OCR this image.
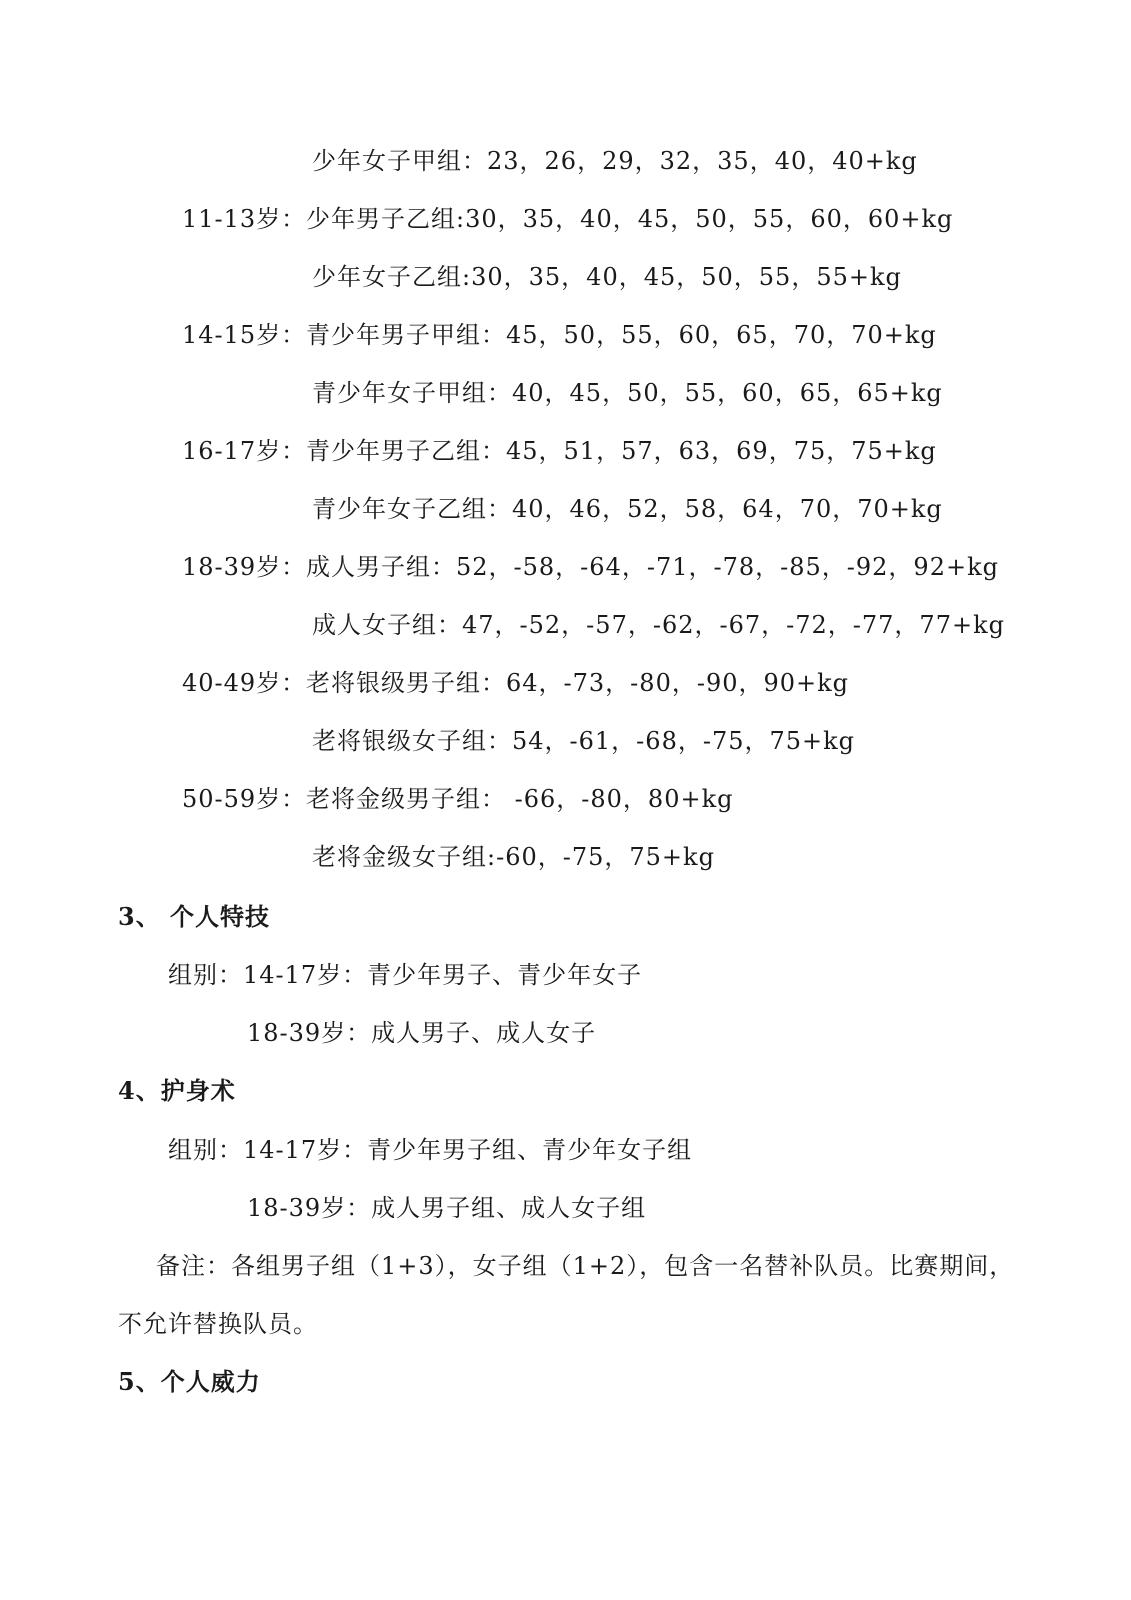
少年女子甲组：23，26，29，32，35，40，40+kg
11-13岁：少年男子乙组:30，35，40，45，50，55，60，60+kg
少年女子乙组:30，35，40，45，50，55，55+kg
14-15岁：青少年男子甲组：45，50，55，60，65，70，70+kg
青少年女子甲组：40，45，50，55，60，65，65+kg
16-17岁：青少年男子乙组：45，51，57，63，69，75，75+kg
青少年女子乙组：40，46，52，58，64，70，70+kg
18-39岁：成人男子组：52，-58，-64，-71，-78，-85，-92，92+kg
成人女子组：47，-52，-57，-62，-67，-72，-77，77+kg
40-49岁：老将银级男子组：64，-73，-80，-90，90+kg
老将银级女子组：54，-61，-68，-75，75+kg
50-59岁：老将金级男子组： -66，-80，80+kg
老将金级女子组:-60，-75，75+kg
3、 个人特技
组别：14-17岁：青少年男子、青少年女子
18-39岁：成人男子、成人女子
4、护身术
组别：14-17岁：青少年男子组、青少年女子组
18-39岁：成人男子组、成人女子组
备注：各组男子组（1+3），女子组（1+2），包含一名替补队员。比赛期间，
不允许替换队员。
5、个人威力
